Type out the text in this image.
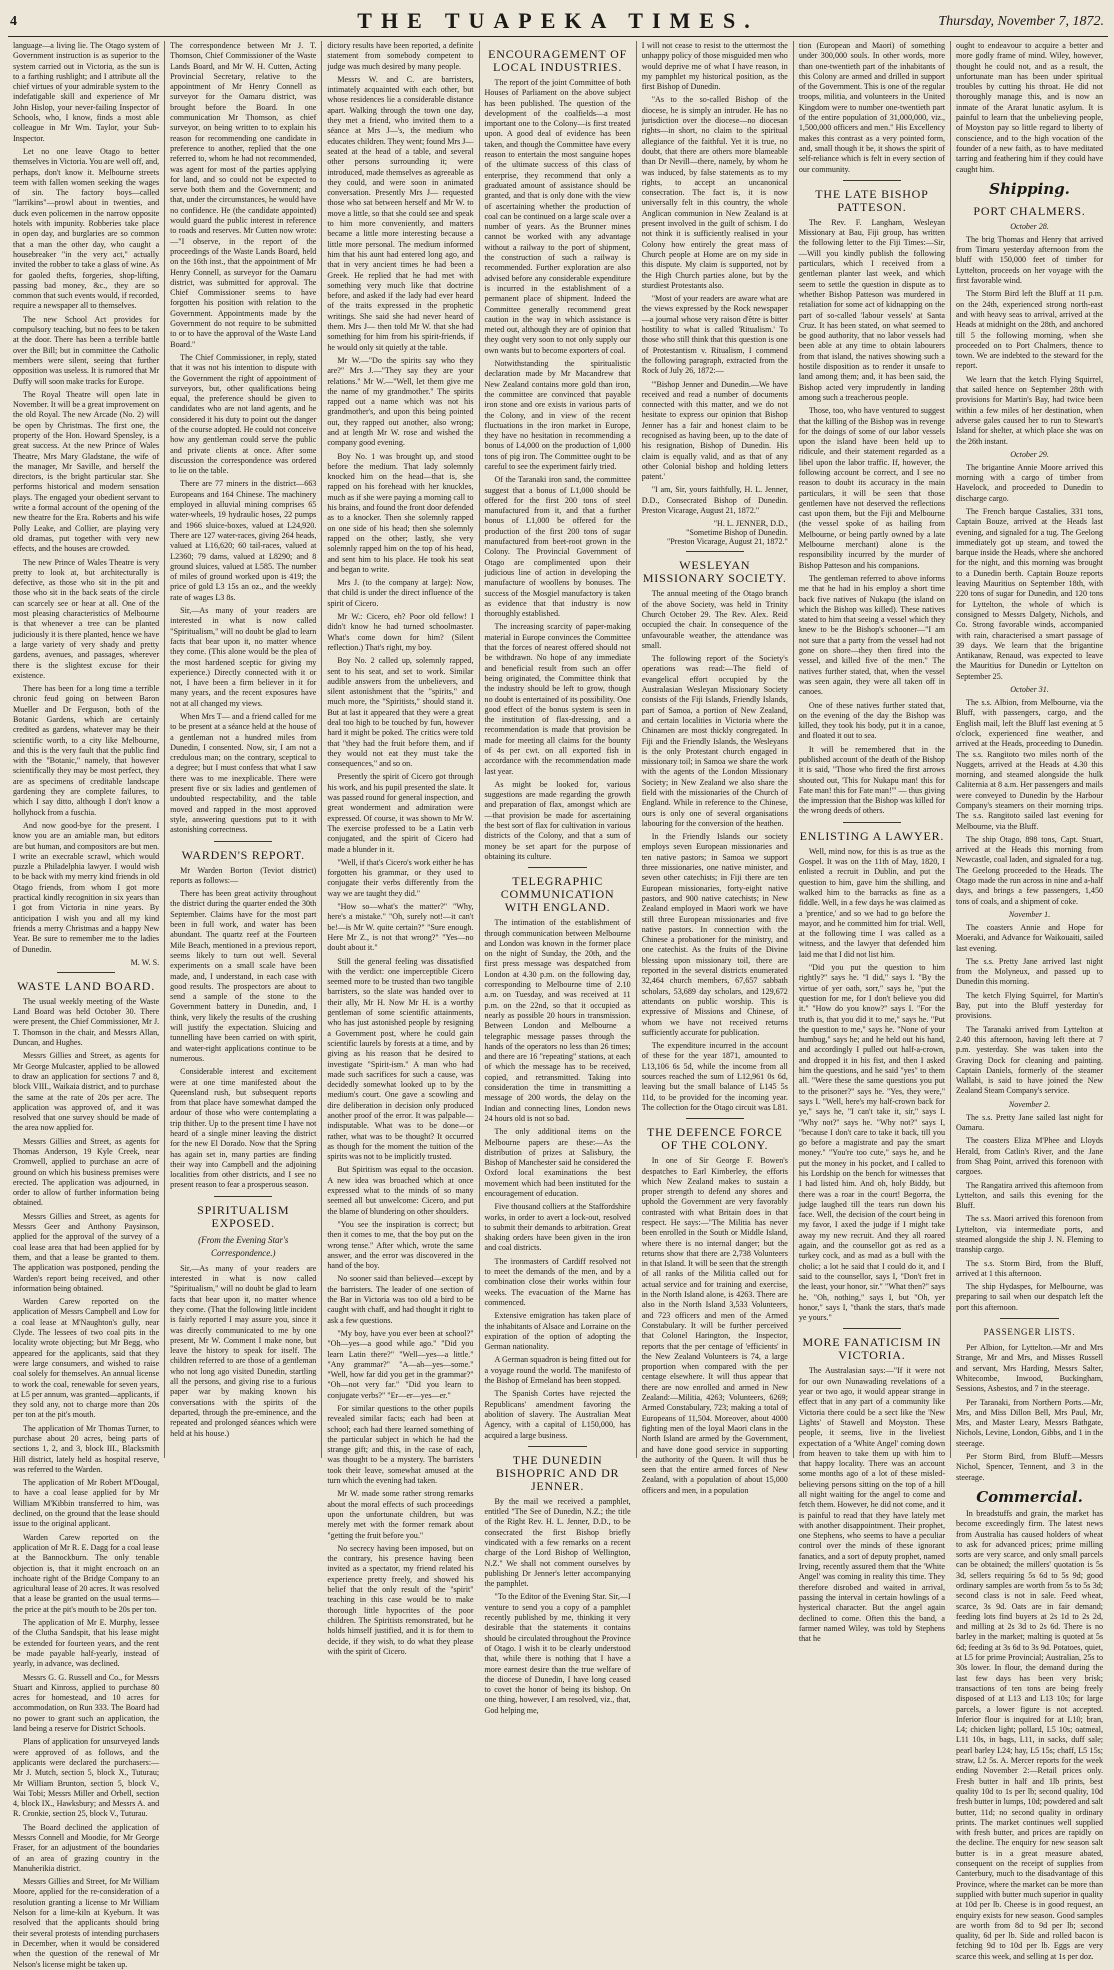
4	THE TUAPEKA TIMES.	Thursday, November 7, 1872.

language—a living lie. The Otago system of Government instruction is as superior to the system carried out in Victoria, as the sun is to a farthing rushlight; and I attribute all the chief virtues of your admirable system to the indefatigable skill and experience of Mr John Hislop, your never-failing Inspector of Schools, who, I know, finds a most able colleague in Mr Wm. Taylor, your Sub-Inspector.

Let no one leave Otago to better themselves in Victoria. You are well off, and, perhaps, don't know it. Melbourne streets teem with fallen women seeking the wages of sin. The factory boys—called "larrikins"—prowl about in twenties, and duck even policemen in the narrow opposite hotels with impunity. Robberies take place in open day, and burglaries are so common that a man the other day, who caught a housebreaker "in the very act," actually invited the robber to take a glass of wine. As for gaoled thefts, forgeries, shop-lifting, passing bad money, &c., they are so common that such events would, if recorded, require a newspaper all to themselves.

The new School Act provides for compulsory teaching, but no fees to be taken at the door. There has been a terrible battle over the Bill; but in committee the Catholic members were silent, seeing that further opposition was useless. It is rumored that Mr Duffy will soon make tracks for Europe.

The Royal Theatre will open late in November. It will be a great improvement on the old Royal. The new Arcade (No. 2) will be open by Christmas. The first one, the property of the Hon. Howard Spensley, is a great success. At the new Prince of Wales Theatre, Mrs Mary Gladstane, the wife of the manager, Mr Saville, and herself the directors, is the bright particular star. She performs historical and modern sensation plays. The engaged your obedient servant to write a formal account of the opening of the new theatre for the Era. Roberts and his wife Polly Leake, and Collier, are playing very old dramas, put together with very new effects, and the houses are crowded.

The new Prince of Wales Theatre is very pretty to look at, but architecturally is defective, as those who sit in the pit and those who sit in the back seats of the circle can scarcely see or hear at all. One of the most pleasing characteristics of Melbourne is that whenever a tree can be planted judiciously it is there planted, hence we have a large variety of very shady and pretty gardens, avenues, and passages, wherever there is the slightest excuse for their existence.

There has been for a long time a terrible chronic feud going on between Baron Mueller and Dr Ferguson, both of the Botanic Gardens, which are certainly credited as gardens, whatever may be their scientific worth, to a city like Melbourne, and this is the very fault that the public find with the "Botanic," namely, that however scientifically they may be most perfect, they are as specimens of creditable landscape gardening they are complete failures, to which I say ditto, although I don't know a hollyhock from a fuschia.

And now good-bye for the present. I know you are an amiable man, but editors are but human, and compositors are but men. I write an execrable scrawl, which would puzzle a Philadelphia lawyer. I would wish to be back with my merry kind friends in old Otago friends, from whom I got more practical kindly recognition in six years than I got from Victoria in nine years. By anticipation I wish you and all my kind friends a merry Christmas and a happy New Year. Be sure to remember me to the ladies of Dunedin.

M. W. S.
WASTE LAND BOARD.

The usual weekly meeting of the Waste Land Board was held October 30. There were present, the Chief Commissioner, Mr J. T. Thomson in the chair, and Messrs Allan, Duncan, and Hughes.

Messrs Gillies and Street, as agents for Mr George Mulcaster, applied to be allowed to draw an application for sections 7 and 8, block VIII., Waikaia district, and to purchase the same at the rate of 20s per acre. The application was approved of, and it was resolved that one survey should be made of the area now applied for.

Messrs Gillies and Street, as agents for Thomas Anderson, 19 Kyle Creek, near Cromwell, applied to purchase an acre of ground on which his business premises were erected. The application was adjourned, in order to allow of further information being obtained.

Messrs Gillies and Street, as agents for Messrs Geer and Anthony Paysinson, applied for the approval of the survey of a coal lease area that had been applied for by them, and that a lease be granted to them. The application was postponed, pending the Warden's report being received, and other information being obtained.

Warden Carew reported on the application of Messrs Campbell and Low for a coal lease at M'Naughton's gully, near Clyde. The lessees of two coal pits in the locality wrote objecting; but Mr Begg, who appeared for the applicants, said that they were large consumers, and wished to raise coal solely for themselves. An annual license to work the coal, renewable for seven years, at L5 per annum, was granted—applicants, if they sold any, not to charge more than 20s per ton at the pit's mouth.

The application of Mr Thomas Turner, to purchase about 20 acres, being parts of sections 1, 2, and 3, block III., Blacksmith Hill district, lately held as hospital reserve, was referred to the Warden.

The application of Mr Robert M'Dougal, to have a coal lease applied for by Mr William M'Kibbin transferred to him, was declined, on the ground that the lease should issue to the original applicant.

Warden Carew reported on the application of Mr R. E. Dagg for a coal lease at the Bannockburn. The only tenable objection is, that it might encroach on an inchoate right of the Bridge Company to an agricultural lease of 20 acres. It was resolved that a lease be granted on the usual terms—the price at the pit's mouth to be 20s per ton.

The application of Mr E. Murphy, lessee of the Clutha Sandspit, that his lease might be extended for fourteen years, and the rent be made payable half-yearly, instead of yearly, in advance, was declined.

Messrs G. G. Russell and Co., for Messrs Stuart and Kinross, applied to purchase 80 acres for homestead, and 10 acres for accommodation, on Run 333. The Board had no power to grant such an application, the land being a reserve for District Schools.

Plans of application for unsurveyed lands were approved of as follows, and the applicants were declared the purchasers:—Mr J. Mutch, section 5, block X., Tuturau; Mr William Brunton, section 5, block V., Wai Tobi; Messrs Miller and Orbell, section 4, block IX., Hawksbury; and Messrs A. and R. Cronkie, section 25, block V., Tuturau.

The Board declined the application of Messrs Connell and Moodie, for Mr George Fraser, for an adjustment of the boundaries of an area of grazing country in the Manuherikia district.

Messrs Gillies and Street, for Mr William Moore, applied for the re-consideration of a resolution granting a license to Mr William Nelson for a lime-kiln at Kyeburn. It was resolved that the applicants should bring their several protests of intending purchasers in December, when it would be considered when the question of the renewal of Mr Nelson's license might be taken up.

The correspondence between Mr J. T. Thomson, Chief Commissioner of the Waste Lands Board, and Mr W. H. Cutten, Acting Provincial Secretary, relative to the appointment of Mr Henry Connell as surveyor for the Oamaru district, was brought before the Board. In one communication Mr Thomson, as chief surveyor, on being written to to explain his reason for recommending one candidate in preference to another, replied that the one referred to, whom he had not recommended, was agent for most of the parties applying for land, and so could not be expected to serve both them and the Government; and that, under the circumstances, he would have no confidence. He (the candidate appointed) would guard the public interest in reference to roads and reserves. Mr Cutten now wrote:—"I observe, in the report of the proceedings of the Waste Lands Board, held on the 16th inst., that the appointment of Mr Henry Connell, as surveyor for the Oamaru district, was submitted for approval. The Chief Commissioner seems to have forgotten his position with relation to the Government. Appointments made by the Government do not require to be submitted to or to have the approval of the Waste Land Board."

The Chief Commissioner, in reply, stated that it was not his intention to dispute with the Government the right of appointment of surveyors, but, other qualifications being equal, the preference should be given to candidates who are not land agents, and he considered it his duty to point out the danger of the course adopted. He could not conceive how any gentleman could serve the public and private clients at once. After some discussion the correspondence was ordered to lie on the table.

There are 77 miners in the district—663 Europeans and 164 Chinese. The machinery employed in alluvial mining comprises 65 water-wheels, 19 hydraulic hoses, 22 pumps and 1966 sluice-boxes, valued at L24,920. There are 127 water-races, giving 264 heads, valued at L16,620; 60 tail-races, valued at L2360; 79 dams, valued at L8290; and 8 ground sluices, valued at L585. The number of miles of ground worked upon is 419; the price of gold L3 15s an oz., and the weekly rate of wages L3 8s.

Sir,—As many of your readers are interested in what is now called "Spiritualism," will no doubt be glad to learn facts that bear upon it, no matter whence they come. (This alone would be the plea of the most hardened sceptic for giving my experience.) Directly connected with it or not, I have been a firm believer in it for many years, and the recent exposures have not at all changed my views.

When Mrs T— and a friend called for me to be present at a séance held at the house of a gentleman not a hundred miles from Dunedin, I consented. Now, sir, I am not a credulous man; on the contrary, sceptical to a degree; but I must confess that what I saw there was to me inexplicable. There were present five or six ladies and gentlemen of undoubted respectability, and the table moved and rapped in the most approved style, answering questions put to it with astonishing correctness.

WARDEN'S REPORT.

Mr Warden Borton (Teviot district) reports as follows:—

There has been great activity throughout the district during the quarter ended the 30th September. Claims have for the most part been in full work, and water has been abundant. The quartz reef at the Fourteen Mile Beach, mentioned in a previous report, seems likely to turn out well. Several experiments on a small scale have been made, and, I understand, in each case with good results. The prospectors are about to send a sample of the stone to the Government battery in Dunedin, and, I think, very likely the results of the crushing will justify the expectation. Sluicing and tunnelling have been carried on with spirit, and water-right applications continue to be numerous.

Considerable interest and excitement were at one time manifested about the Queensland rush, but subsequent reports from that place have somewhat damped the ardour of those who were contemplating a trip thither. Up to the present time I have not heard of a single miner leaving the district for the new El Dorado. Now that the Spring has again set in, many parties are finding their way into Campbell and the adjoining localities from other districts, and I see no present reason to fear a prosperous season.

SPIRITUALISM EXPOSED.
(From the Evening Star's Correspondence.)

Sir,—As many of your readers are interested in what is now called "Spiritualism," will no doubt be glad to learn facts that bear upon it, no matter whence they come. (That the following little incident is fairly reported I may assure you, since it was directly communicated to me by one present, Mr W. Comment I make none, but leave the history to speak for itself. The children referred to are those of a gentleman who not long ago visited Dunedin, startling all the persons, and giving rise to a furious paper war by making known his conversations with the spirits of the departed, through the pre-eminence, and the repeated and prolonged séances which were held at his house.)

dictory results have been reported, a definite statement from somebody competent to judge was much desired by many people.

Messrs W. and C. are barristers, intimately acquainted with each other, but whose residences lie a considerable distance apart. Walking through the town one day, they met a friend, who invited them to a séance at Mrs J—'s, the medium who educates children. They went; found Mrs J— seated at the head of a table, and several other persons surrounding it; were introduced, made themselves as agreeable as they could, and were soon in animated conversation. Presently Mrs J— requested those who sat between herself and Mr W. to move a little, so that she could see and speak to him more conveniently, and matters became a little more interesting because a little more personal. The medium informed him that his aunt had entered long ago, and that in very ancient times he had been a Greek. He replied that he had met with something very much like that doctrine before, and asked if the lady had ever heard of the traits expressed in the prophetic writings. She said she had never heard of them. Mrs J— then told Mr W. that she had something for him from his spirit-friends, if he would only sit quietly at the table.

Mr W.—"Do the spirits say who they are?" Mrs J.—"They say they are your relations." Mr W.—"Well, let them give me the name of my grandmother." The spirits rapped out a name which was not his grandmother's, and upon this being pointed out, they rapped out another, also wrong; and at length Mr W. rose and wished the company good evening.

Boy No. 1 was brought up, and stood before the medium. That lady solemnly knocked him on the head—that is, she rapped on his forehead with her knuckles, much as if she were paying a morning call to his brains, and found the front door defended as to a knocker. Then she solemnly rapped on one side of his head; then she solemnly rapped on the other; lastly, she very solemnly rapped him on the top of his head, and sent him to his place. He took his seat and began to write.

Mrs J. (to the company at large): Now, that child is under the direct influence of the spirit of Cicero.

Mr W.: Cicero, eh? Poor old fellow! I didn't know he had turned schoolmaster. What's come down for him? (Silent reflection.) That's right, my boy.

Boy No. 2 called up, solemnly rapped, sent to his seat, and set to work. Similar audible answers from the unbelievers, and silent astonishment that the "spirits," and much more, the "Spiritists," should stand it. But at last it appeared that they were a great deal too high to be touched by fun, however hard it might be poked. The critics were told that "they had the fruit before them, and if they would not eat they must take the consequences," and so on.

Presently the spirit of Cicero got through his work, and his pupil presented the slate. It was passed round for general inspection, and great wonderment and admiration were expressed. Of course, it was shown to Mr W. The exercise professed to be a Latin verb conjugated, and the spirit of Cicero had made a blunder in it.

"Well, if that's Cicero's work either he has forgotten his grammar, or they used to conjugate their verbs differently from the way we are taught they did."

"How so—what's the matter?" "Why, here's a mistake." "Oh, surely not!—it can't be!—is Mr W. quite certain?" "Sure enough. Here Mr Z., is not that wrong?" "Yes—no doubt about it."

Still the general feeling was dissatisfied with the verdict: one imperceptible Cicero seemed more to be trusted than two tangible barristers, so the slate was handed over to their ally, Mr H. Now Mr H. is a worthy gentleman of some scientific attainments, who has just astonished people by resigning a Government post, where he could gain scientific laurels by forests at a time, and by giving as his reason that he desired to investigate "Spirit-ism." A man who had made such sacrifices for such a cause, was decidedly somewhat looked up to by the medium's court. One gave a scowling and dire deliberation in decision only produced another proof of the error. It was palpable—indisputable. What was to be done—or rather, what was to be thought? It occurred as though for the moment the tuition of the spirits was not to be implicitly trusted.

But Spiritism was equal to the occasion. A new idea was broached which at once expressed what to the minds of so many seemed all but unwelcome: Cicero, and put the blame of blundering on other shoulders.

"You see the inspiration is correct; but then it comes to me, that the boy put on the wrong tense." After which, wrote the same answer, and the error was discovered in the hand of the boy.

No sooner said than believed—except by the barristers. The leader of one section of the Bar in Victoria was too old a bird to be caught with chaff, and had thought it right to ask a few questions.

"My boy, have you ever been at school?" "Oh—yes—a good while ago." "Did you learn Latin there?" "Well—yes—a little." "Any grammar?" "A—ah—yes—some." "Well, how far did you get in the grammar?" "Oh—not very far." "Did you learn to conjugate verbs?" "Er—er—yes—er."

For similar questions to the other pupils revealed similar facts; each had been at school; each had there learned something of the particular subject in which he had the strange gift; and this, in the case of each, was thought to be a mystery. The barristers took their leave, somewhat amused at the turn which the evening had taken.

Mr W. made some rather strong remarks about the moral effects of such proceedings upon the unfortunate children, but was merely met with the former remark about "getting the fruit before you."

No secrecy having been imposed, but on the contrary, his presence having been invited as a spectator, my friend related his experience pretty freely, and showed his belief that the only result of the "spirit" teaching in this case would be to make thorough little hypocrites of the poor children. The Spiritists remonstrated, but he holds himself justified, and it is for them to decide, if they wish, to do what they please with the spirit of Cicero.

ENCOURAGEMENT OF LOCAL INDUSTRIES.

The report of the joint Committee of both Houses of Parliament on the above subject has been published. The question of the development of the coalfields—a most important one to the Colony—is first treated upon. A good deal of evidence has been taken, and though the Committee have every reason to entertain the most sanguine hopes of the ultimate success of this class of enterprise, they recommend that only a graduated amount of assistance should be granted, and that is only done with the view of ascertaining whether the production of coal can be continued on a large scale over a number of years. As the Brunner mines cannot be worked with any advantage without a railway to the port of shipment, the construction of such a railway is recommended. Further exploration are also advised before any considerable expenditure is incurred in the establishment of a permanent place of shipment. Indeed the Committee generally recommend great caution in the way in which assistance is meted out, although they are of opinion that they ought very soon to not only supply our own wants but to become exporters of coal.

Notwithstanding the spiritualistic declaration made by Mr Macandrew that New Zealand contains more gold than iron, the committee are convinced that payable iron stone and ore exists in various parts of the Colony, and in view of the recent fluctuations in the iron market in Europe, they have no hesitation in recommending a bonus of L4,000 on the production of 1,000 tons of pig iron. The Committee ought to be careful to see the experiment fairly tried.

Of the Taranaki iron sand, the committee suggest that a bonus of L1,000 should be offered for the first 200 tons of steel manufactured from it, and that a further bonus of L1,000 be offered for the production of the first 200 tons of sugar manufactured from beet-root grown in the Colony. The Provincial Government of Otago are complimented upon their judicious line of action in developing the manufacture of woollens by bonuses. The success of the Mosgiel manufactory is taken as evidence that that industry is now thoroughly established.

The increasing scarcity of paper-making material in Europe convinces the Committee that the forces of nearest offered should not be withdrawn. No hope of any immediate and beneficial result from such an offer being originated, the Committee think that the industry should be left to grow, though no doubt is entertained of its possibility. One good effect of the bonus system is seen in the institution of flax-dressing, and a recommendation is made that provision be made for meeting all claims for the bounty of 4s per cwt. on all exported fish in accordance with the recommendation made last year.

As might be looked for, various suggestions are made regarding the growth and preparation of flax, amongst which are—that provision be made for ascertaining the best sort of flax for cultivation in various districts of the Colony, and that a sum of money be set apart for the purpose of obtaining its culture.

TELEGRAPHIC COMMUNICATION WITH ENGLAND.

The intimation of the establishment of through communication between Melbourne and London was known in the former place on the night of Sunday, the 20th, and the first press message was despatched from London at 4.30 p.m. on the following day, corresponding to Melbourne time of 2.10 a.m. on Tuesday, and was received at 11 p.m. on the 22nd, so that it occupied as nearly as possible 20 hours in transmission. Between London and Melbourne a telegraphic message passes through the hands of the operators no less than 26 times; and there are 16 "repeating" stations, at each of which the message has to be received, copied, and retransmitted. Taking into consideration the time in transmitting a message of 200 words, the delay on the Indian and connecting lines, London news 24 hours old is not so bad.

The only additional items on the Melbourne papers are these:—As the distribution of prizes at Salisbury, the Bishop of Manchester said he considered the Oxford local examinations the best movement which had been instituted for the encouragement of education.

Five thousand colliers at the Staffordshire works, in order to avert a lock-out, resolved to submit their demands to arbitration. Great shaking orders have been given in the iron and coal districts.

The ironmasters of Cardiff resolved not to meet the demands of the men, and by a combination close their works within four weeks. The evacuation of the Marne has commenced.

Extensive emigration has taken place of the inhabitants of Alsace and Lorraine on the expiration of the option of adopting the German nationality.

A German squadron is being fitted out for a voyage round the world. The manifesto of the Bishop of Ermeland has been stopped.

The Spanish Cortes have rejected the Republicans' amendment favoring the abolition of slavery. The Australian Meat Agency, with a capital of L150,000, has acquired a large business.

THE DUNEDIN BISHOPRIC AND DR JENNER.

By the mail we received a pamphlet, entitled "The See of Dunedin, N.Z.; the title of the Right Rev. H. L. Jenner, D.D., to be consecrated the first Bishop briefly vindicated with a few remarks on a recent charge of the Lord Bishop of Wellington, N.Z." We shall not comment ourselves by publishing Dr Jenner's letter accompanying the pamphlet.

"To the Editor of the Evening Star. Sir,—I venture to send you a copy of a pamphlet recently published by me, thinking it very desirable that the statements it contains should be circulated throughout the Province of Otago. I wish it to be clearly understood that, while there is nothing that I have a more earnest desire than the true welfare of the diocese of Dunedin, I have long ceased to covet the honor of being its bishop. On one thing, however, I am resolved, viz., that, God helping me,

I will not cease to resist to the uttermost the unhappy policy of those misguided men who would deprive me of what I have reason, in my pamphlet my historical position, as the first Bishop of Dunedin.

"As to the so-called Bishop of the diocese, he is simply an intruder. He has no jurisdiction over the diocese—no diocesan rights—in short, no claim to the spiritual allegiance of the faithful. Yet it is true, no doubt, that there are others more blameable than Dr Nevill—there, namely, by whom he was induced, by false statements as to my rights, to accept an uncanonical consecration. The fact is, it is now universally felt in this country, the whole Anglican communion in New Zealand is at present involved in the guilt of schism. I do not think it is sufficiently realised in your Colony how entirely the great mass of Church people at Home are on my side in this dispute. My claim is supported, not by the High Church parties alone, but by the sturdiest Protestants also.

"Most of your readers are aware what are the views expressed by the Rock newspaper—a journal whose very raison d'être is bitter hostility to what is called 'Ritualism.' To those who still think that this question is one of Protestantism v. Ritualism, I commend the following paragraph, extracted from the Rock of July 26, 1872:—

"'Bishop Jenner and Dunedin.—We have received and read a number of documents connected with this matter, and we do not hesitate to express our opinion that Bishop Jenner has a fair and honest claim to be recognised as having been, up to the date of his resignation, Bishop of Dunedin. His claim is equally valid, and as that of any other Colonial bishop and holding letters patent.'

"I am, Sir, yours faithfully, H. L. Jenner, D.D., Consecrated Bishop of Dunedin. Preston Vicarage, August 21, 1872."

"H. L. JENNER, D.D.,
"Sometime Bishop of Dunedin.
"Preston Vicarage, August 21, 1872."
WESLEYAN MISSIONARY SOCIETY.

The annual meeting of the Otago branch of the above Society, was held in Trinity Church October 29. The Rev. Alex. Reid occupied the chair. In consequence of the unfavourable weather, the attendance was small.

The following report of the Society's operations was read:—The field of evangelical effort occupied by the Australasian Wesleyan Missionary Society consists of the Fiji Islands, Friendly Islands, part of Samoa, a portion of New Zealand, and certain localities in Victoria where the Chinamen are most thickly congregated. In Fiji and the Friendly Islands, the Wesleyans is the only Protestant church engaged in missionary toil; in Samoa we share the work with the agents of the London Missionary Society; in New Zealand we also share the field with the missionaries of the Church of England. While in reference to the Chinese, ours is only one of several organisations labouring for the conversion of the heathen.

In the Friendly Islands our society employs seven European missionaries and ten native pastors; in Samoa we support three missionaries, one native minister, and seven other catechists; in Fiji there are ten European missionaries, forty-eight native pastors, and 900 native catechists; in New Zealand employed in Maori work we have still three European missionaries and five native pastors. In connection with the Chinese a probationer for the ministry, and one catechist. As the fruits of the Divine blessing upon missionary toil, there are reported in the several districts enumerated 32,464 church members, 67,657 sabbath scholars, 53,689 day scholars, and 129,672 attendants on public worship. This is expressive of Missions and Chinese, of whom we have not received returns sufficiently accurate for publication.

The expenditure incurred in the account of these for the year 1871, amounted to L13,106 6s 5d, while the income from all sources reached the sum of L12,961 0s 6d, leaving but the small balance of L145 5s 11d, to be provided for the incoming year. The collection for the Otago circuit was L81.

THE DEFENCE FORCE OF THE COLONY.

In one of Sir George F. Bowen's despatches to Earl Kimberley, the efforts which New Zealand makes to sustain a proper strength to defend any shores and uphold the Government are very favorably contrasted with what Britain does in that respect. He says:—"The Militia has never been enrolled in the South or Middle Island, where there is no internal danger; but the returns show that there are 2,738 Volunteers in that Island. It will be seen that the strength of all ranks of the Militia called out for actual service and for training and exercise, in the North Island alone, is 4263. There are also in the North Island 3,533 Volunteers, and 723 officers and men of the Armed Constabulary. It will be further perceived that Colonel Harington, the Inspector, reports that the per centage of 'efficients' in the New Zealand Volunteers is 74, a large proportion when compared with the per centage elsewhere. It will thus appear that there are now enrolled and armed in New Zealand:—Militia, 4263; Volunteers, 6269; Armed Constabulary, 723; making a total of Europeans of 11,504. Moreover, about 4000 fighting men of the loyal Maori clans in the North Island are armed by the Government, and have done good service in supporting the authority of the Queen. It will thus be seen that the entire armed forces of New Zealand, with a population of about 15,000 officers and men, in a population

tion (European and Maori) of something under 300,000 souls. In other words, more than one-twentieth part of the inhabitants of this Colony are armed and drilled in support of the Government. This is one of the regular troops, militia, and volunteers in the United Kingdom were to number one-twentieth part of the entire population of 31,000,000, viz., 1,500,000 officers and men." His Excellency makes this contrast as a very pointed form, and, small though it be, it shows the spirit of self-reliance which is felt in every section of our community.

THE LATE BISHOP PATTESON.

The Rev. F. Langham, Wesleyan Missionary at Bau, Fiji group, has written the following letter to the Fiji Times:—Sir,—Will you kindly publish the following particulars, which I received from a gentleman planter last week, and which seem to settle the question in dispute as to whether Bishop Patteson was murdered in retaliation for some act of kidnapping on the part of so-called 'labour vessels' at Santa Cruz. It has been stated, on what seemed to be good authority, that no labor vessels had been able at any time to obtain labourers from that island, the natives showing such a hostile disposition as to render it unsafe to land among them; and, it has been said, the Bishop acted very imprudently in landing among such a treacherous people.

Those, too, who have ventured to suggest that the killing of the Bishop was in revenge for the doings of some of our labor vessels upon the island have been held up to ridicule, and their statement regarded as a libel upon the labor traffic. If, however, the following account be correct, and I see no reason to doubt its accuracy in the main particulars, it will be seen that those gentlemen have not deserved the reflections cast upon them, but the Fiji and Melbourne (the vessel spoke of as hailing from Melbourne, or being partly owned by a late Melbourne merchant) alone is the responsibility incurred by the murder of Bishop Patteson and his companions.

The gentleman referred to above informs me that he had in his employ a short time back five natives of Nukapu (the island on which the Bishop was killed). These natives stated to him that seeing a vessel which they knew to be the Bishop's schooner—"I am not sure that a party from the vessel had not gone on shore—they then fired into the vessel, and killed five of the men." The natives further stated, that, when the vessel was seen again, they were all taken off in canoes.

One of these natives further stated that, on the evening of the day the Bishop was killed, they took his body, put it in a canoe, and floated it out to sea.

It will be remembered that in the published account of the death of the Bishop it is said, "Those who fired the first arrows shouted out, 'This for Nukapu man! this for Fate man! this for Fate man!'" — thus giving the impression that the Bishop was killed for the wrong deeds of others.

ENLISTING A LAWYER.

Well, mind now, for this is as true as the Gospel. It was on the 11th of May, 1820, I enlisted a recruit in Dublin, and put the question to him, gave him the shilling, and walked him to the barracks as fine as a fiddle. Well, in a few days he was claimed as a 'prentice,' and so we had to go before the mayor, and he committed him for trial. Well, at the following time I was called as a witness, and the lawyer that defended him laid me that I did not list him.

"Did you put the question to him rightly?" says he. "I did," says I. "By the virtue of yer oath, sorr," says he, "put the question for me, for I don't believe you did it." "How do you know?" says I. "For the truth is, that you did it to me," says he. "Put the question to me," says he. "None of your humbug," says he; and he held out his hand, and accordingly I pulled out half-a-crown, and dropped it in his fist, and then I asked him the questions, and he said "yes" to them all. "Were these the same questions you put to the prisoner?" says he. "Yes, they were," says I. "Well, here's my half-crown back for ye," says he, "I can't take it, sir," says I. "Why not?" says he. "Why not?" says I, "because I don't care to take it back, till you go before a magistrate and pay the smart money." "You're too cute," says he, and he put the money in his pocket, and I called to his Lordship on the bench for witnesses that I had listed him. And oh, holy Biddy, but there was a roar in the court! Begorra, the judge laughed till the tears run down his face. Well, the decision of the court being in my favor, I axed the judge if I might take away my new recruit. And they all roared again, and the counsellor got as red as a turkey cock, and as mad as a bull with the cholic; a lot he said that I could do it, and I said to the counsellor, says I, "Don't fret in the least, your honor, sir." "What then?" says he. "Oh, nothing," says I, but "Oh, yer honor," says I, "thank the stars, that's made ye yours."

MORE FANATICISM IN VICTORIA.

The Australasian says:—"If it were not for our own Nunawading revelations of a year or two ago, it would appear strange in effect that in any part of a community like Victoria there could be a sect like the 'New Lights' of Stawell and Moyston. These people, it seems, live in the liveliest expectation of a 'White Angel' coming down from heaven to take them up with him to that happy locality. There was an account some months ago of a lot of these misled-believing persons sitting on the top of a hill all night waiting for the angel to come and fetch them. However, he did not come, and it is painful to read that they have lately met with another disappointment. Their prophet, one Stephens, who seems to have a peculiar control over the minds of these ignorant fanatics, and a sort of deputy prophet, named Irving, recently assured them that the 'White Angel' was coming in reality this time. They therefore disrobed and waited in arrival, passing the interval in certain howlings of a hysterical character. But the angel again declined to come. Often this the band, a farmer named Wiley, was told by Stephens that he

ought to endeavour to acquire a better and more godly frame of mind. Wiley, however, thought he could not, and as a result, the unfortunate man has been under spiritual troubles by cutting his throat. He did not thoroughly manage this, and is now an inmate of the Ararat lunatic asylum. It is painful to learn that the unbelieving people, of Moyston pay so little regard to liberty of conscience, and to the high vocation of the founder of a new faith, as to have meditated tarring and feathering him if they could have caught him.

Shipping.
PORT CHALMERS.
October 28.

The brig Thomas and Henry that arrived from Timaru yesterday afternoon from the bluff with 150,000 feet of timber for Lyttelton, proceeds on her voyage with the first favorable wind.

The Storm Bird left the Bluff at 11 p.m. on the 24th, experienced strong north-east and with heavy seas to arrival, arrived at the Heads at midnight on the 28th, and anchored till 5 the following morning, when she proceeded on to Port Chalmers, thence to town. We are indebted to the steward for the report.

We learn that the ketch Flying Squirrel, that sailed hence on September 28th with provisions for Martin's Bay, had twice been within a few miles of her destination, when adverse gales caused her to run to Stewart's Island for shelter, at which place she was on the 26th instant.

October 29.

The brigantine Annie Moore arrived this morning with a cargo of timber from Havelock, and proceeded to Dunedin to discharge cargo.

The French barque Castalies, 331 tons, Captain Bouze, arrived at the Heads last evening, and signaled for a tug. The Geelong immediately got up steam, and towed the barque inside the Heads, where she anchored for the night, and this morning was brought to a Dunedin berth. Captain Bouze reports leaving Mauritius on September 18th, with 220 tons of sugar for Dunedin, and 120 tons for Lyttelton, the whole of which is consigned to Messrs Dalgety, Nichols, and Co. Strong favorable winds, accompanied with rain, characterised a smart passage of 39 days. We learn that the brigantine Antikanaw, Renaud, was expected to leave the Mauritius for Dunedin or Lyttelton on September 25.

October 31.

The s.s. Albion, from Melbourne, via the Bluff, with passengers, cargo, and the English mail, left the Bluff last evening at 5 o'clock, experienced fine weather, and arrived at the Heads, proceeding to Dunedin. The s.s. Rangitoto two miles north of the Nuggets, arrived at the Heads at 4.30 this morning, and steamed alongside the hulk Caliternia at 8 a.m. Her passengers and mails were conveyed to Dunedin by the Harbour Company's steamers on their morning trips. The s.s. Rangitoto sailed last evening for Melbourne, via the Bluff.

The ship Otago, 898 tons, Capt. Stuart, arrived at the Heads this morning from Newcastle, coal laden, and signaled for a tug. The Geelong proceeded to the Heads. The Otago made the run across in nine and a-half days, and brings a few passengers, 1,450 tons of coals, and a shipment of coke.

November 1.

The coasters Annie and Hope for Moeraki, and Advance for Waikouaiti, sailed last evening.

The s.s. Pretty Jane arrived last night from the Molyneux, and passed up to Dunedin this morning.

The ketch Flying Squirrel, for Martin's Bay, put into the Bluff yesterday for provisions.

The Taranaki arrived from Lyttelton at 2.40 this afternoon, having left there at 7 p.m. yesterday. She was taken into the Graving Dock for cleaning and painting. Captain Daniels, formerly of the steamer Wallabi, is said to have joined the New Zealand Steam Company's service.

November 2.

The s.s. Pretty Jane sailed last night for Oamaru.

The coasters Eliza M'Phee and Lloyds Herald, from Catlin's River, and the Jane from Shag Point, arrived this forenoon with cargoes.

The Rangatira arrived this afternoon from Lyttelton, and sails this evening for the Bluff.

The s.s. Maori arrived this forenoon from Lyttelton, via intermediate ports, and steamed alongside the ship J. N. Fleming to tranship cargo.

The s.s. Storm Bird, from the Bluff, arrived at 1 this afternoon.

The ship Hydaspes, for Melbourne, was preparing to sail when our despatch left the port this afternoon.

PASSENGER LISTS.

Per Albion, for Lyttelton.—Mr and Mrs Strange, Mr and Mrs, and Misses Russell and servant, Mrs Harding, Messrs Salter, Whitecombe, Inwood, Buckingham, Sessions, Asbestos, and 7 in the steerage.

Per Taranaki, from Northern Ports.—Mr, Mrs, and Miss Dillon Bell, Mrs Paul, Mr, Mrs, and Master Leary, Messrs Bathgate, Nichols, Levine, London, Gibbs, and 1 in the steerage.

Per Storm Bird, from Bluff:—Messrs Nichol, Spencer, Tennent, and 3 in the steerage.

Commercial.

In breadstuffs and grain, the market has become exceedingly firm. The latest news from Australia has caused holders of wheat to ask for advanced prices; prime milling sorts are very scarce, and only small parcels can be obtained; the millers' quotation is 5s 3d, sellers requiring 5s 6d to 5s 9d; good ordinary samples are worth from 5s to 5s 3d; second class is not in sale. Feed wheat, scarce, 3s 9d. Oats are in fair demand; feeding lots find buyers at 2s 1d to 2s 2d, and milling at 2s 3d to 2s 6d. There is no barley in the market; malting is quoted at 5s 6d; feeding at 3s 6d to 3s 9d. Potatoes, quiet, at L5 for prime Provincial; Australian, 25s to 30s lower. In flour, the demand during the last few days has been very brisk; transactions of ten tons are being freely disposed of at L13 and L13 10s; for large parcels, a lower figure is not accepted. Inferior flour is inquired for at L10; bran, L4; chicken light; pollard, L5 10s; oatmeal, L11 10s, in bags, L11, in sacks, duff sale; pearl barley L24; hay, L5 15s; chaff, L5 15s; straw, L2 5s. A. Mercer reports for the week ending November 2:—Retail prices only. Fresh butter in half and 1lb prints, best quality 10d to 1s per lb; second quality, 10d fresh butter in lumps, 10d; powdered and salt butter, 11d; no second quality in ordinary prints. The market continues well supplied with fresh butter, and prices are rapidly on the decline. The enquiry for new season salt butter is in a great measure abated, consequent on the receipt of supplies from Canterbury, much to the disadvantage of this Province, where the market can be more than supplied with butter much superior in quality at 10d per lb. Cheese is in good request, an enquiry exists for new season. Good samples are worth from 8d to 9d per lb; second quality, 6d per lb. Side and rolled bacon is fetching 9d to 10d per lb. Eggs are very scarce this week, and selling at 1s per doz.
